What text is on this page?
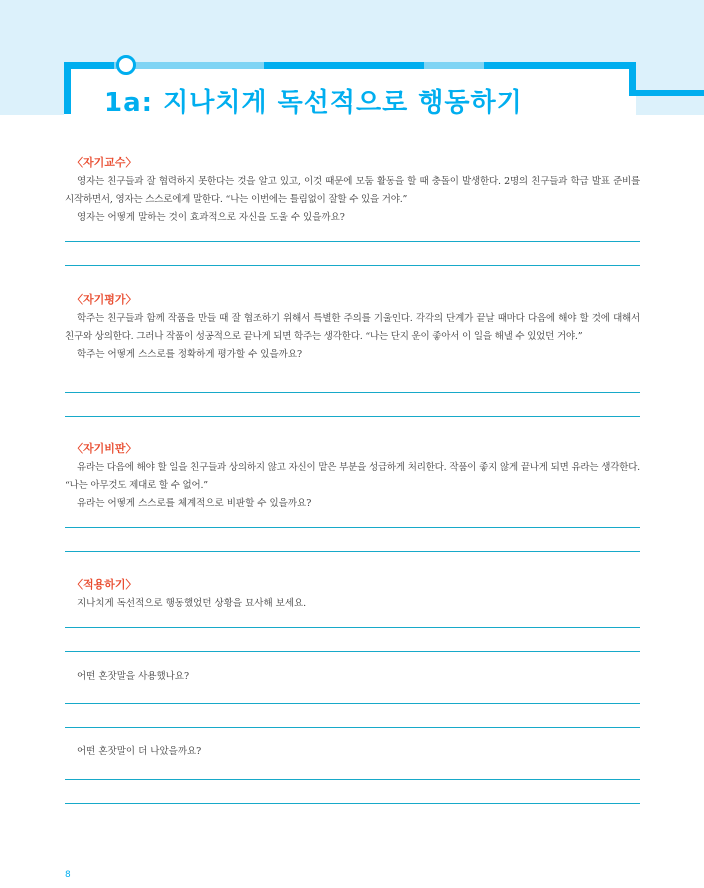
1a: 지나치게 독선적으로 행동하기

〈자기교수〉

영자는 친구들과 잘 협력하지 못한다는 것을 알고 있고, 이것 때문에 모둠 활동을 할 때 충돌이 발생한다. 2명의 친구들과 학급 발표 준비를 시작하면서, 영자는 스스로에게 말한다. “나는 이번에는 틀림없이 잘할 수 있을 거야.”

영자는 어떻게 말하는 것이 효과적으로 자신을 도울 수 있을까요?

〈자기평가〉

학주는 친구들과 함께 작품을 만들 때 잘 협조하기 위해서 특별한 주의를 기울인다. 각각의 단계가 끝날 때마다 다음에 해야 할 것에 대해서 친구와 상의한다. 그러나 작품이 성공적으로 끝나게 되면 학주는 생각한다. “나는 단지 운이 좋아서 이 일을 해낼 수 있었던 거야.”

학주는 어떻게 스스로를 정확하게 평가할 수 있을까요?

〈자기비판〉

유라는 다음에 해야 할 일을 친구들과 상의하지 않고 자신이 맡은 부분을 성급하게 처리한다. 작품이 좋지 않게 끝나게 되면 유라는 생각한다. “나는 아무것도 제대로 할 수 없어.”

유라는 어떻게 스스로를 체계적으로 비판할 수 있을까요?

〈적용하기〉

지나치게 독선적으로 행동했었던 상황을 묘사해 보세요.

어떤 혼잣말을 사용했나요?

어떤 혼잣말이 더 나았을까요?

8
